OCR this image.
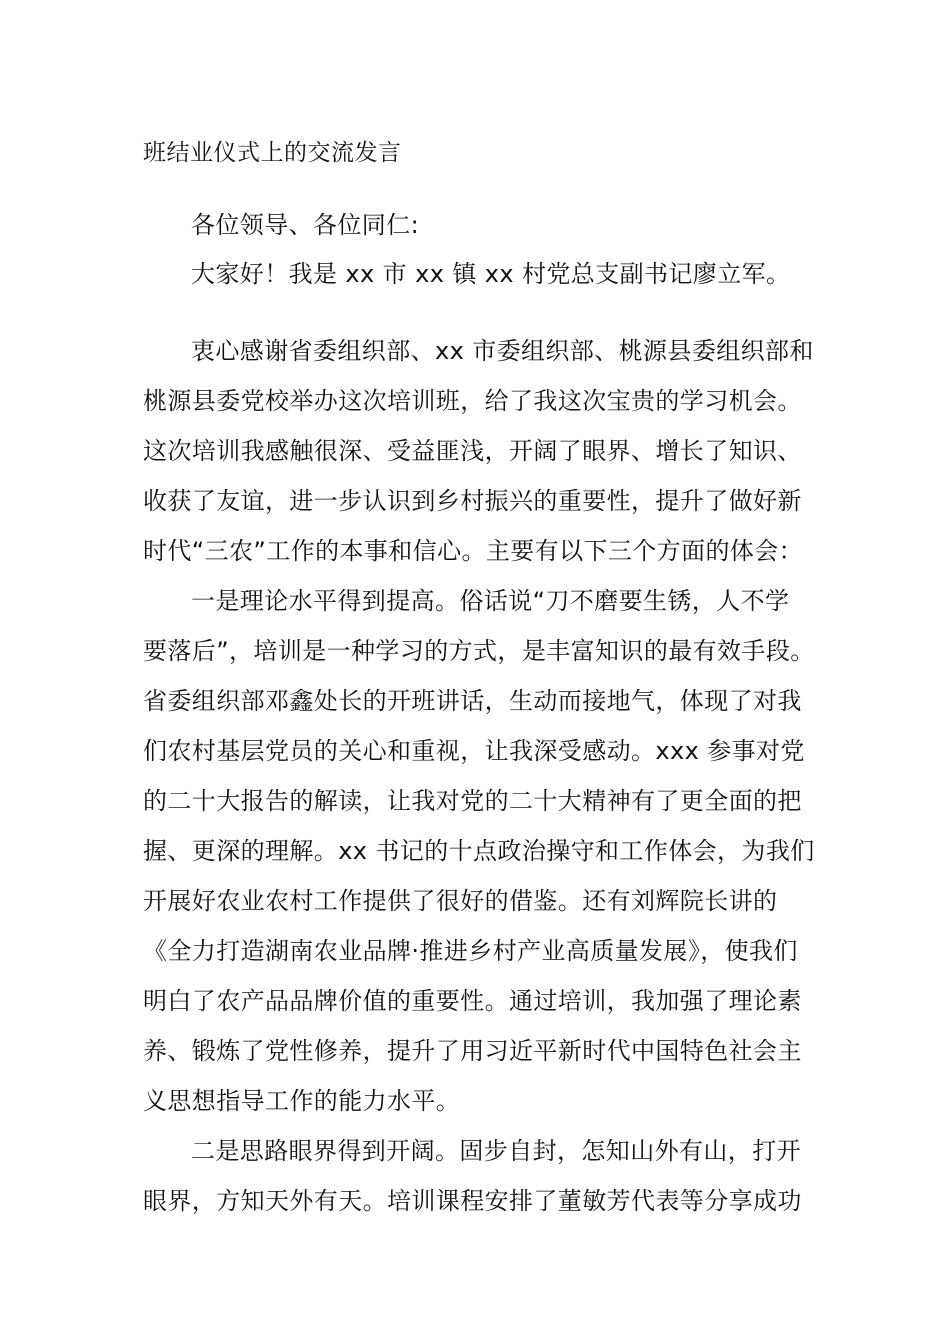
班结业仪式上的交流发言
各位领导、各位同仁:
大家好！我是 xx 市 xx 镇 xx 村党总支副书记廖立军。
衷心感谢省委组织部、xx 市委组织部、桃源县委组织部和
桃源县委党校举办这次培训班，给了我这次宝贵的学习机会。
这次培训我感触很深、受益匪浅，开阔了眼界、增长了知识、
收获了友谊，进一步认识到乡村振兴的重要性，提升了做好新
时代“三农”工作的本事和信心。主要有以下三个方面的体会：
一是理论水平得到提高。俗话说“刀不磨要生锈，人不学
要落后”，培训是一种学习的方式，是丰富知识的最有效手段。
省委组织部邓鑫处长的开班讲话，生动而接地气，体现了对我
们农村基层党员的关心和重视，让我深受感动。xxx 参事对党
的二十大报告的解读，让我对党的二十大精神有了更全面的把
握、更深的理解。xx 书记的十点政治操守和工作体会，为我们
开展好农业农村工作提供了很好的借鉴。还有刘辉院长讲的
《全力打造湖南农业品牌·推进乡村产业高质量发展》，使我们
明白了农产品品牌价值的重要性。通过培训，我加强了理论素
养、锻炼了党性修养，提升了用习近平新时代中国特色社会主
义思想指导工作的能力水平。
二是思路眼界得到开阔。固步自封，怎知山外有山，打开
眼界，方知天外有天。培训课程安排了董敏芳代表等分享成功
